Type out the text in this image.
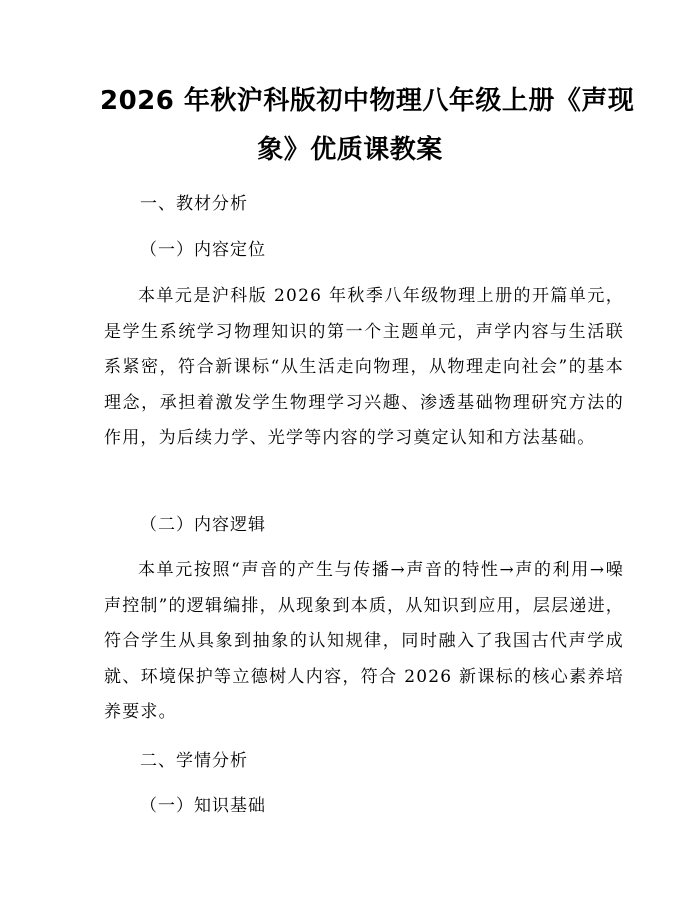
2026 年秋沪科版初中物理八年级上册《声现
象》优质课教案
一、教材分析
（一）内容定位

本单元是沪科版 2026 年秋季八年级物理上册的开篇单元，是学生系统学习物理知识的第一个主题单元，声学内容与生活联系紧密，符合新课标“从生活走向物理，从物理走向社会”的基本理念，承担着激发学生物理学习兴趣、渗透基础物理研究方法的作用，为后续力学、光学等内容的学习奠定认知和方法基础。

（二）内容逻辑

本单元按照“声音的产生与传播→声音的特性→声的利用→噪声控制”的逻辑编排，从现象到本质，从知识到应用，层层递进，符合学生从具象到抽象的认知规律，同时融入了我国古代声学成就、环境保护等立德树人内容，符合 2026 新课标的核心素养培养要求。

二、学情分析
（一）知识基础
